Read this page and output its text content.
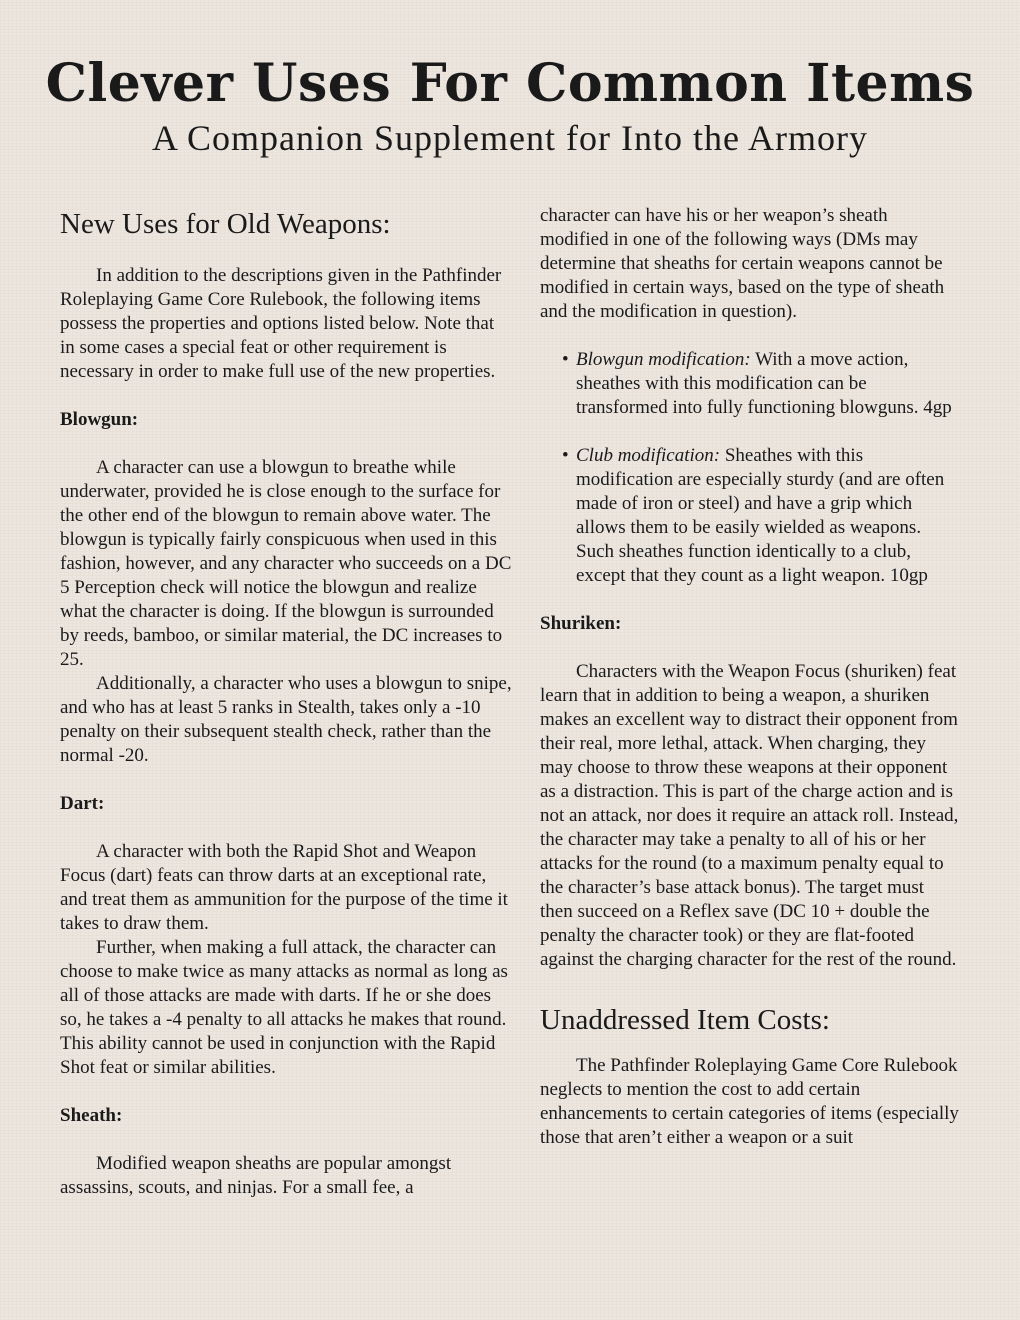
Clever Uses For Common Items
A Companion Supplement for Into the Armory
New Uses for Old Weapons:

In addition to the descriptions given in the Pathfinder Roleplaying Game Core Rulebook, the following items possess the properties and options listed below. Note that in some cases a special feat or other requirement is necessary in order to make full use of the new properties.

Blowgun:

A character can use a blowgun to breathe while underwater, provided he is close enough to the surface for the other end of the blowgun to remain above water. The blowgun is typically fairly conspicuous when used in this fashion, however, and any character who succeeds on a DC 5 Perception check will notice the blowgun and realize what the character is doing. If the blowgun is surrounded by reeds, bamboo, or similar material, the DC increases to 25.

Additionally, a character who uses a blowgun to snipe, and who has at least 5 ranks in Stealth, takes only a -10 penalty on their subsequent stealth check, rather than the normal -20.

Dart:

A character with both the Rapid Shot and Weapon Focus (dart) feats can throw darts at an exceptional rate, and treat them as ammunition for the purpose of the time it takes to draw them.

Further, when making a full attack, the character can choose to make twice as many attacks as normal as long as all of those attacks are made with darts. If he or she does so, he takes a -4 penalty to all attacks he makes that round. This ability cannot be used in conjunction with the Rapid Shot feat or similar abilities.

Sheath:

Modified weapon sheaths are popular amongst assassins, scouts, and ninjas. For a small fee, a

character can have his or her weapon’s sheath modified in one of the following ways (DMs may determine that sheaths for certain weapons cannot be modified in certain ways, based on the type of sheath and the modification in question).

• Blowgun modification: With a move action, sheathes with this modification can be transformed into fully functioning blowguns. 4gp
• Club modification: Sheathes with this modification are especially sturdy (and are often made of iron or steel) and have a grip which allows them to be easily wielded as weapons. Such sheathes function identically to a club, except that they count as a light weapon. 10gp
Shuriken:

Characters with the Weapon Focus (shuriken) feat learn that in addition to being a weapon, a shuriken makes an excellent way to distract their opponent from their real, more lethal, attack. When charging, they may choose to throw these weapons at their opponent as a distraction. This is part of the charge action and is not an attack, nor does it require an attack roll. Instead, the character may take a penalty to all of his or her attacks for the round (to a maximum penalty equal to the character’s base attack bonus). The target must then succeed on a Reflex save (DC 10 + double the penalty the character took) or they are flat-footed against the charging character for the rest of the round.

Unaddressed Item Costs:

The Pathfinder Roleplaying Game Core Rulebook neglects to mention the cost to add certain enhancements to certain categories of items (especially those that aren’t either a weapon or a suit
